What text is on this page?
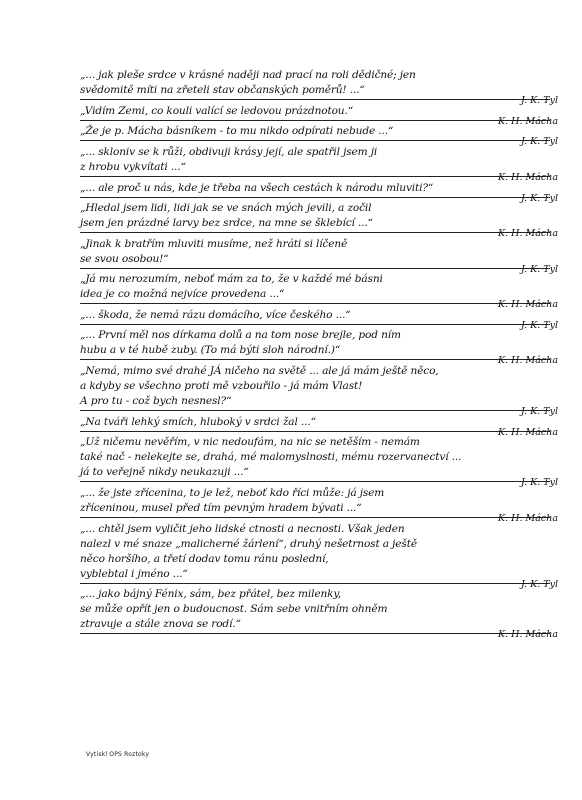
„... jak pleše srdce v krásné naději nad prací na roli dědičné; jen
svědomitě míti na zřeteli stav občanských poměrů! ...“
J. K. Tyl
„Vidím Zemi, co kouli valící se ledovou prázdnotou.“
K. H. Mácha
„Že je p. Mácha básníkem - to mu nikdo odpírati nebude ...“
J. K. Tyl
„... skloniv se k růži, obdivuji krásy její, ale spatřil jsem ji
z hrobu vykvítati ...“
K. H. Mácha
„... ale proč u nás, kde je třeba na všech cestách k národu mluviti?“
J. K. Tyl
„Hledal jsem lidi, lidi jak se ve snách mých jevili, a zočil
jsem jen prázdné larvy bez srdce, na mne se šklebící ...“
K. H. Mácha
„Jinak k bratřím mluviti musíme, než hráti si líčeně
se svou osobou!“
J. K. Tyl
„Já mu nerozumím, neboť mám za to, že v každé mé básni
idea je co možná nejvíce provedena ...“
K. H. Mácha
„... škoda, že nemá rázu domácího, více českého ...“
J. K. Tyl
„... První měl nos dírkama dolů a na tom nose brejle, pod ním
hubu a v té hubě zuby. (To má býti sloh národní.)“
K. H. Mácha
„Nemá, mimo své drahé JÁ ničeho na světě ... ale já mám ještě něco,
a kdyby se všechno proti mě vzbouřilo - já mám Vlast!
A pro tu - což bych nesnesl?“
J. K. Tyl
„Na tváři lehký smích, hluboký v srdci žal ...“
K. H. Mácha
„Už ničemu nevěřím, v nic nedoufám, na nic se netěším - nemám
také nač - nelekejte se, drahá, mé malomyslnosti, mému rozervanectví ...
já to veřejně nikdy neukazuji ...“
J. K. Tyl
„... že jste zřícenina, to je lež, neboť kdo říci může: já jsem
zříceninou, musel před tím pevným hradem bývati ...“
K. H. Mácha
„... chtěl jsem vyličit jeho lidské ctnosti a necnosti. Však jeden
nalezl v mé snaze „malicherné žárlení“, druhý nešetrnost a ještě
něco horšího, a třetí dodav tomu ránu poslední,
vyblebtal i jméno ...“
J. K. Tyl
„... jako bájný Fénix, sám, bez přátel, bez milenky,
se může opřít jen o budoucnost. Sám sebe vnitřním ohněm
ztravuje a stále znova se rodí.“
K. H. Mácha
Vytiskl OPS Roztoky
